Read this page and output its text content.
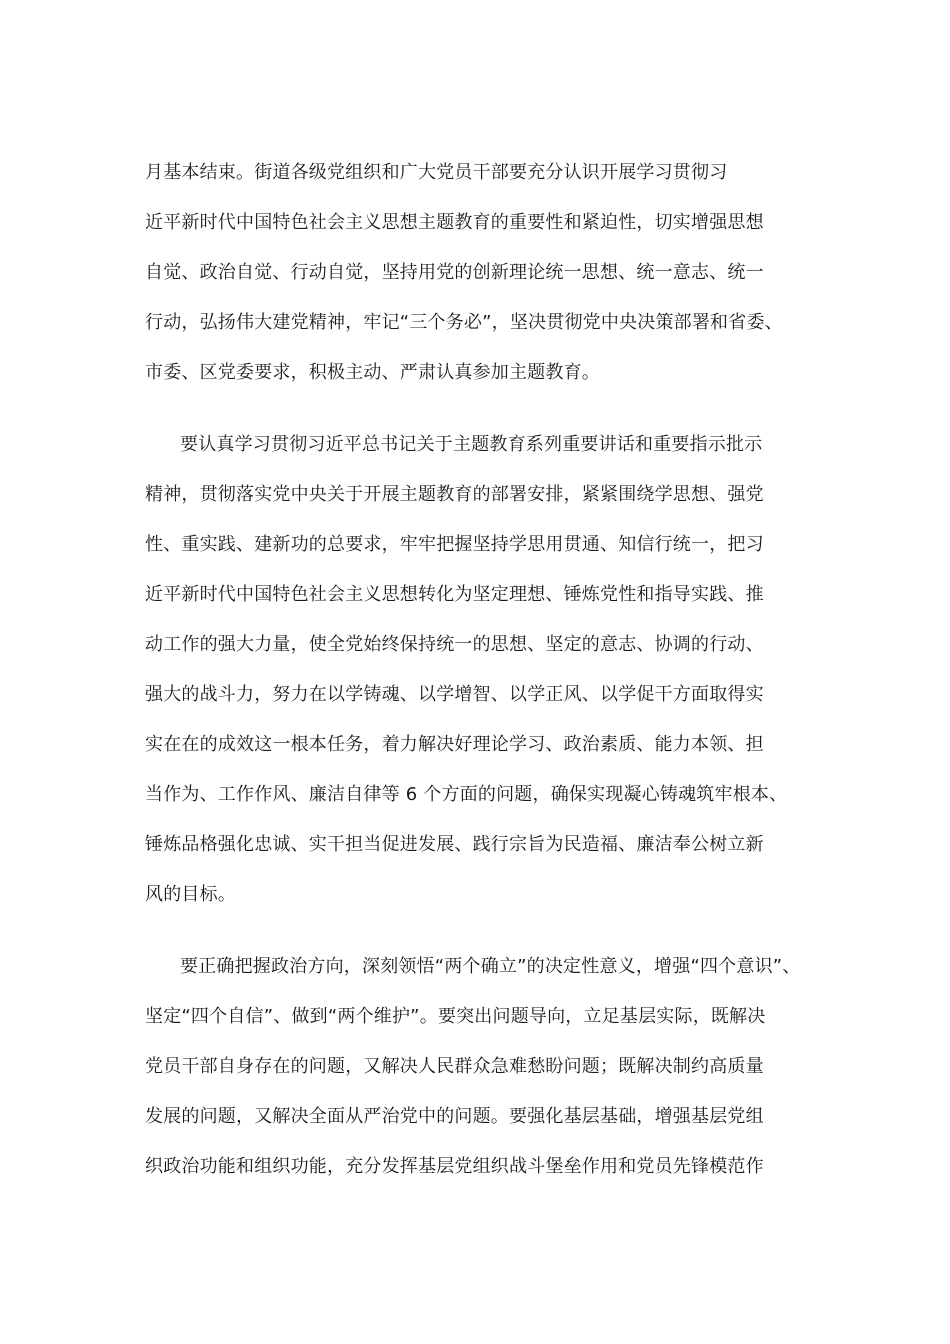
月基本结束。街道各级党组织和广大党员干部要充分认识开展学习贯彻习
近平新时代中国特色社会主义思想主题教育的重要性和紧迫性，切实增强思想
自觉、政治自觉、行动自觉，坚持用党的创新理论统一思想、统一意志、统一
行动，弘扬伟大建党精神，牢记“三个务必”，坚决贯彻党中央决策部署和省委、
市委、区党委要求，积极主动、严肃认真参加主题教育。
要认真学习贯彻习近平总书记关于主题教育系列重要讲话和重要指示批示
精神，贯彻落实党中央关于开展主题教育的部署安排，紧紧围绕学思想、强党
性、重实践、建新功的总要求，牢牢把握坚持学思用贯通、知信行统一，把习
近平新时代中国特色社会主义思想转化为坚定理想、锤炼党性和指导实践、推
动工作的强大力量，使全党始终保持统一的思想、坚定的意志、协调的行动、
强大的战斗力，努力在以学铸魂、以学增智、以学正风、以学促干方面取得实
实在在的成效这一根本任务，着力解决好理论学习、政治素质、能力本领、担
当作为、工作作风、廉洁自律等 6 个方面的问题，确保实现凝心铸魂筑牢根本、
锤炼品格强化忠诚、实干担当促进发展、践行宗旨为民造福、廉洁奉公树立新
风的目标。
要正确把握政治方向，深刻领悟“两个确立”的决定性意义，增强“四个意识”、
坚定“四个自信”、做到“两个维护”。要突出问题导向，立足基层实际，既解决
党员干部自身存在的问题，又解决人民群众急难愁盼问题；既解决制约高质量
发展的问题，又解决全面从严治党中的问题。要强化基层基础，增强基层党组
织政治功能和组织功能，充分发挥基层党组织战斗堡垒作用和党员先锋模范作
